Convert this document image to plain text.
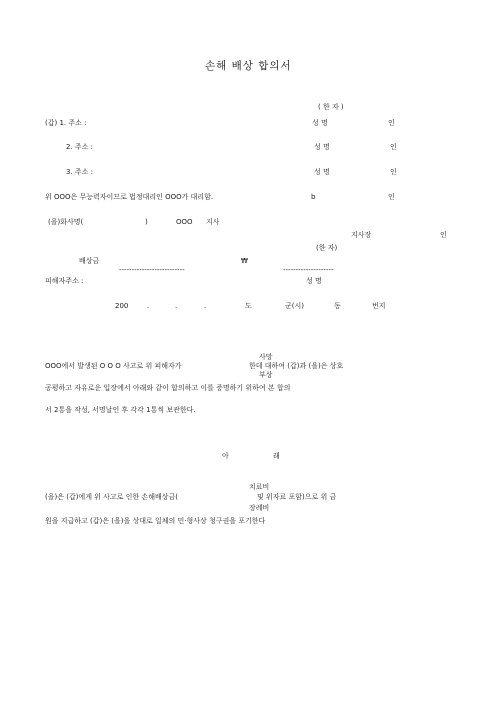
손해 배상 합의서
( 한 자 )
(갑) 1. 주소 :	성 명	인
2. 주소 :	성 명	인
3. 주소 :	성 명	인
위 OOO은 무능력자이므로 법정대리인 OOO가 대리함.	b	인
(을)화사명(	)	OOO 지사
지사장	인
(한 자)
배상금	₩
--------------------------	--------------------
피해자주소 :	성 명
200	.	.	.	도	군(시)	동	번지
사망
OOO에서 발생된 O O O 사고로 위 피해자가	한데 대하여 (갑)과 (을)은 상호
부상
공평하고 자유로운 입장에서 아래와 같이 합의하고 이를 증명하기 위하여 본 합의
서 2통을 작성, 서명날인 후 각각 1통씩 보관한다.
아	래
치료비
(을)은 (갑)에게 위 사고로 인한 손해배상금(	및 위자료 포함)으로 위 금
장례비
원을 지급하고 (갑)은 (을)을 상대로 일체의 민·형사상 청구권을 포기한다
